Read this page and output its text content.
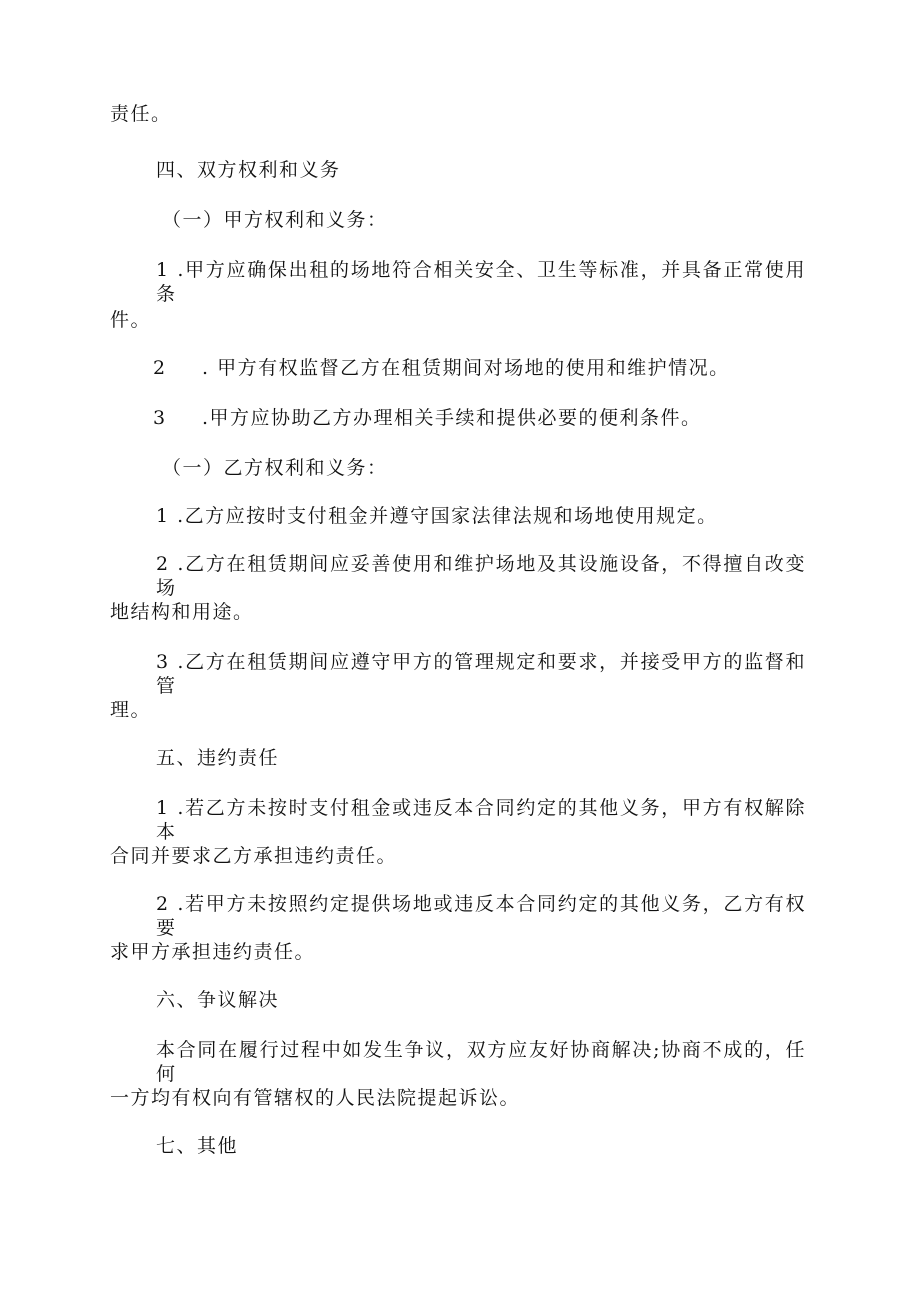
责任。
四、双方权利和义务
（一）甲方权利和义务：
1 .甲方应确保出租的场地符合相关安全、卫生等标准，并具备正常使用条
件。
2 . 甲方有权监督乙方在租赁期间对场地的使用和维护情况。
3 .甲方应协助乙方办理相关手续和提供必要的便利条件。
（一）乙方权利和义务：
1 .乙方应按时支付租金并遵守国家法律法规和场地使用规定。
2 .乙方在租赁期间应妥善使用和维护场地及其设施设备，不得擅自改变场
地结构和用途。
3 .乙方在租赁期间应遵守甲方的管理规定和要求，并接受甲方的监督和管
理。
五、违约责任
1 .若乙方未按时支付租金或违反本合同约定的其他义务，甲方有权解除本
合同并要求乙方承担违约责任。
2 .若甲方未按照约定提供场地或违反本合同约定的其他义务，乙方有权要
求甲方承担违约责任。
六、争议解决
本合同在履行过程中如发生争议，双方应友好协商解决;协商不成的，任何
一方均有权向有管辖权的人民法院提起诉讼。
七、其他
